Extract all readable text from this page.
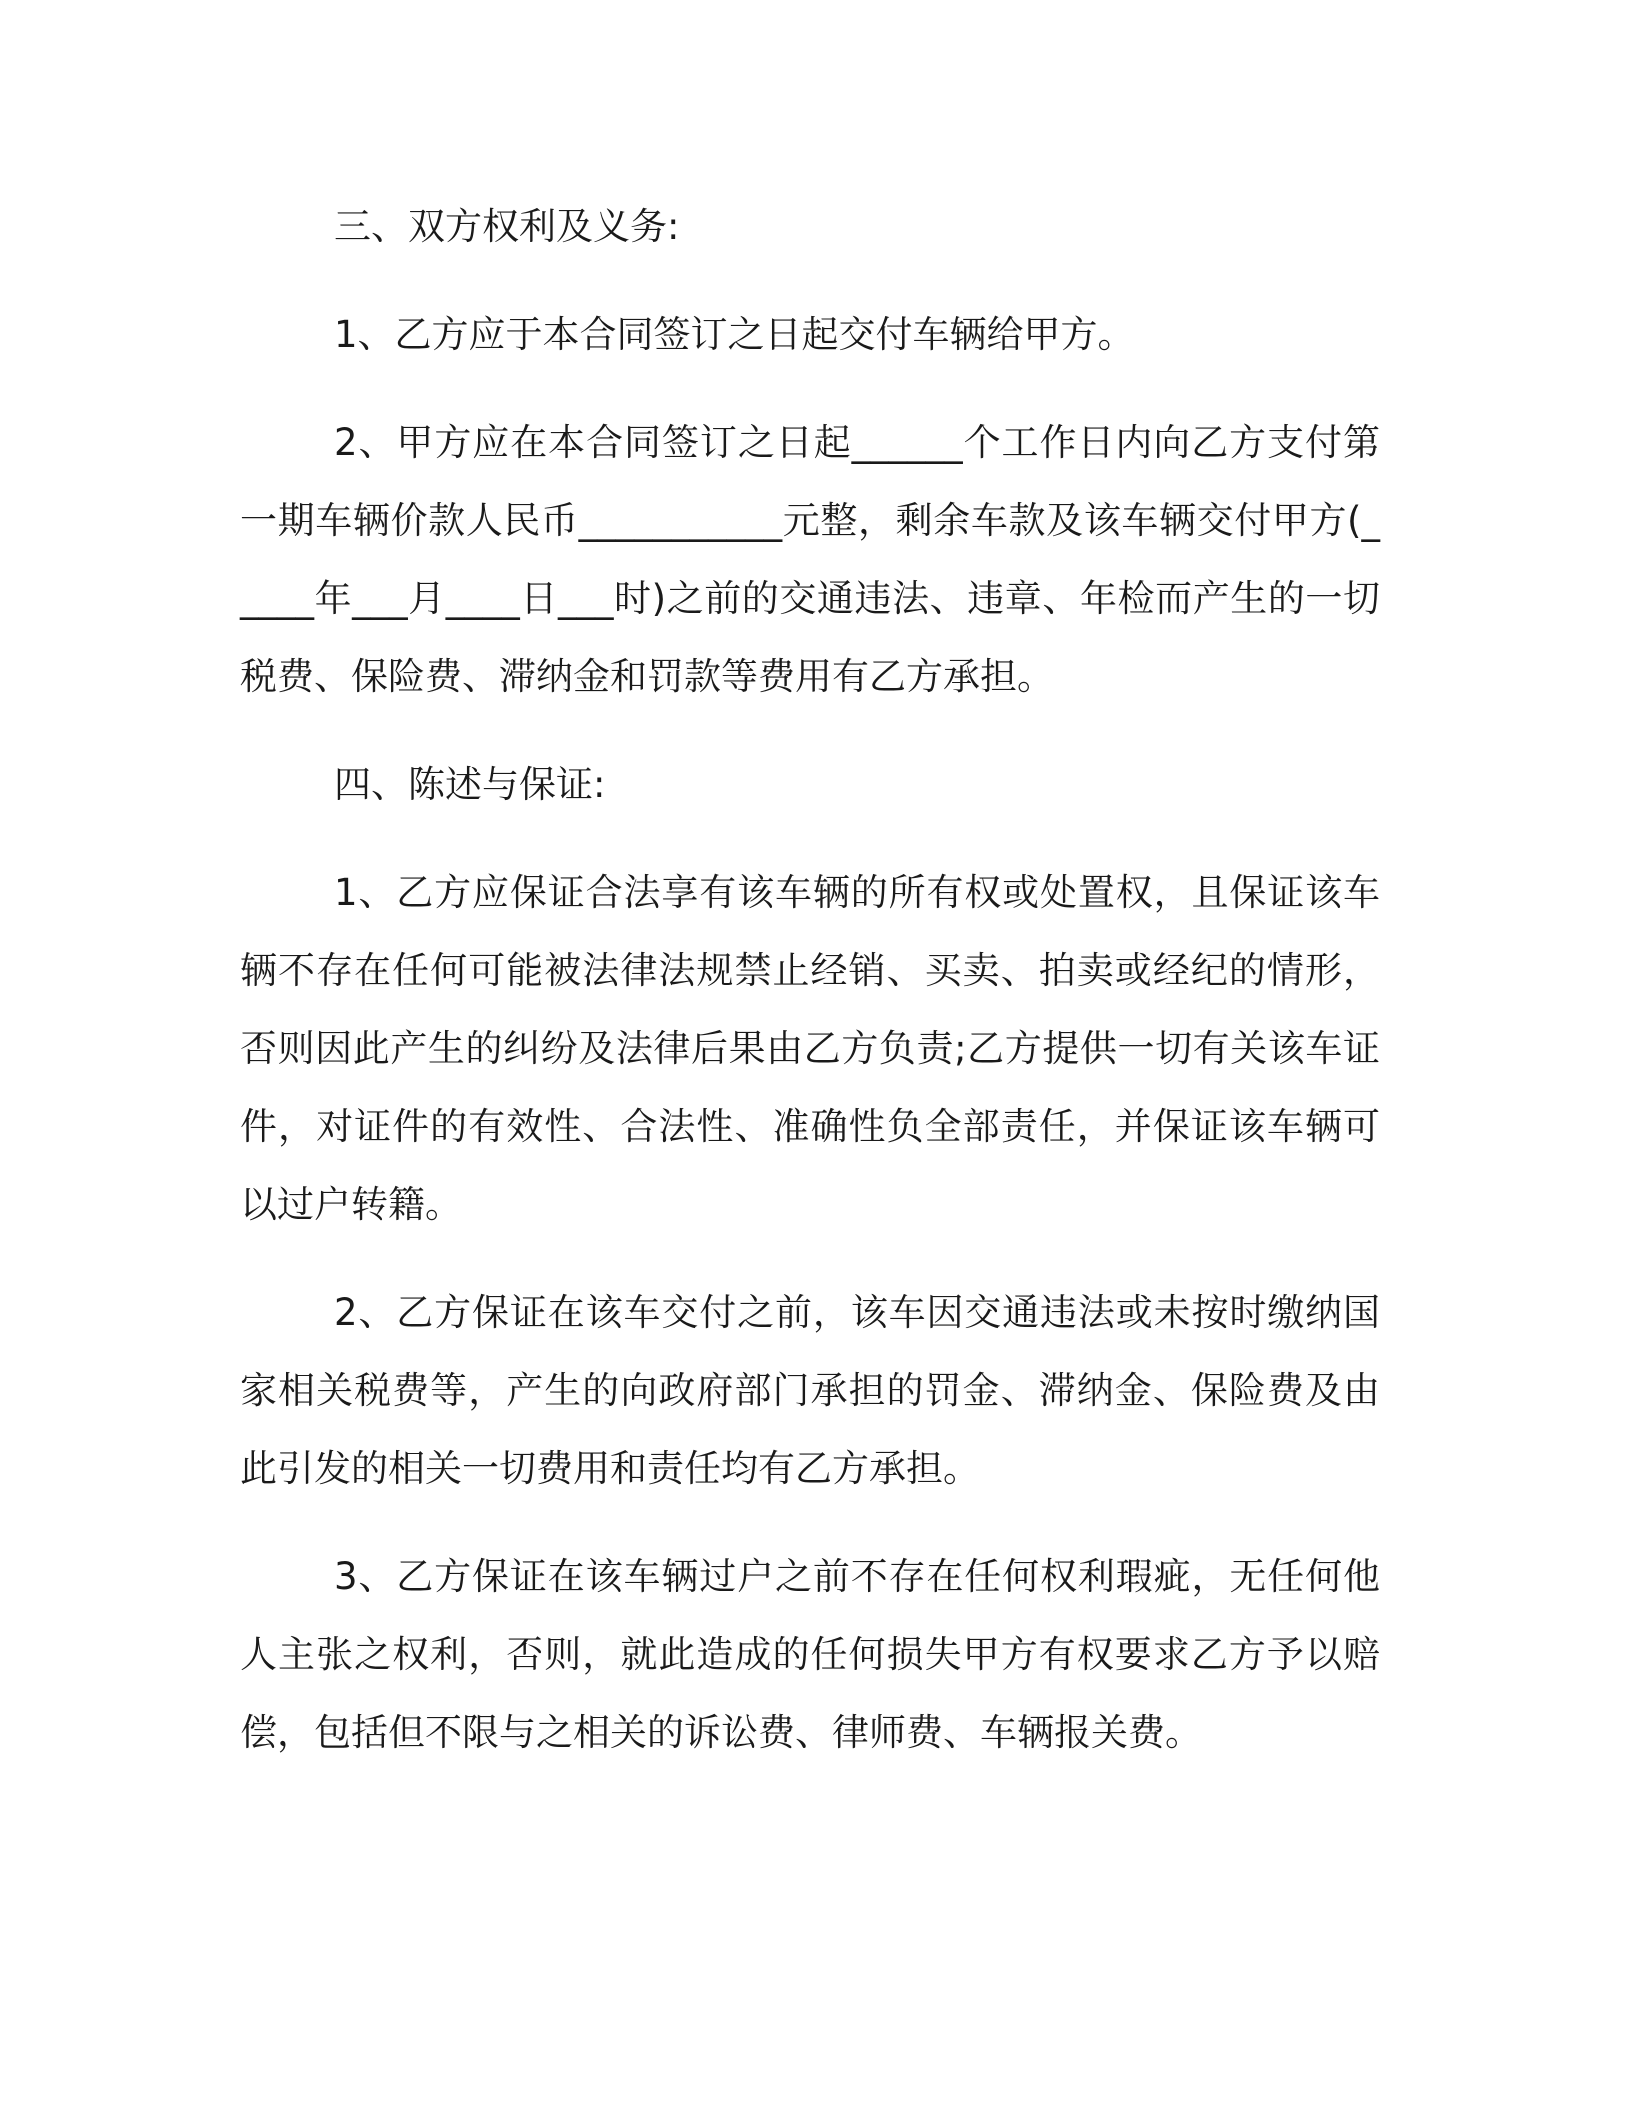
三、双方权利及义务:

1、乙方应于本合同签订之日起交付车辆给甲方。

2、甲方应在本合同签订之日起______个工作日内向乙方支付第一期车辆价款人民币___________元整，剩余车款及该车辆交付甲方(_____年___月____日___时)之前的交通违法、违章、年检而产生的一切税费、保险费、滞纳金和罚款等费用有乙方承担。

四、陈述与保证:

1、乙方应保证合法享有该车辆的所有权或处置权，且保证该车辆不存在任何可能被法律法规禁止经销、买卖、拍卖或经纪的情形，否则因此产生的纠纷及法律后果由乙方负责;乙方提供一切有关该车证件，对证件的有效性、合法性、准确性负全部责任，并保证该车辆可以过户转籍。

2、乙方保证在该车交付之前，该车因交通违法或未按时缴纳国家相关税费等，产生的向政府部门承担的罚金、滞纳金、保险费及由此引发的相关一切费用和责任均有乙方承担。

3、乙方保证在该车辆过户之前不存在任何权利瑕疵，无任何他人主张之权利，否则，就此造成的任何损失甲方有权要求乙方予以赔偿，包括但不限与之相关的诉讼费、律师费、车辆报关费。
